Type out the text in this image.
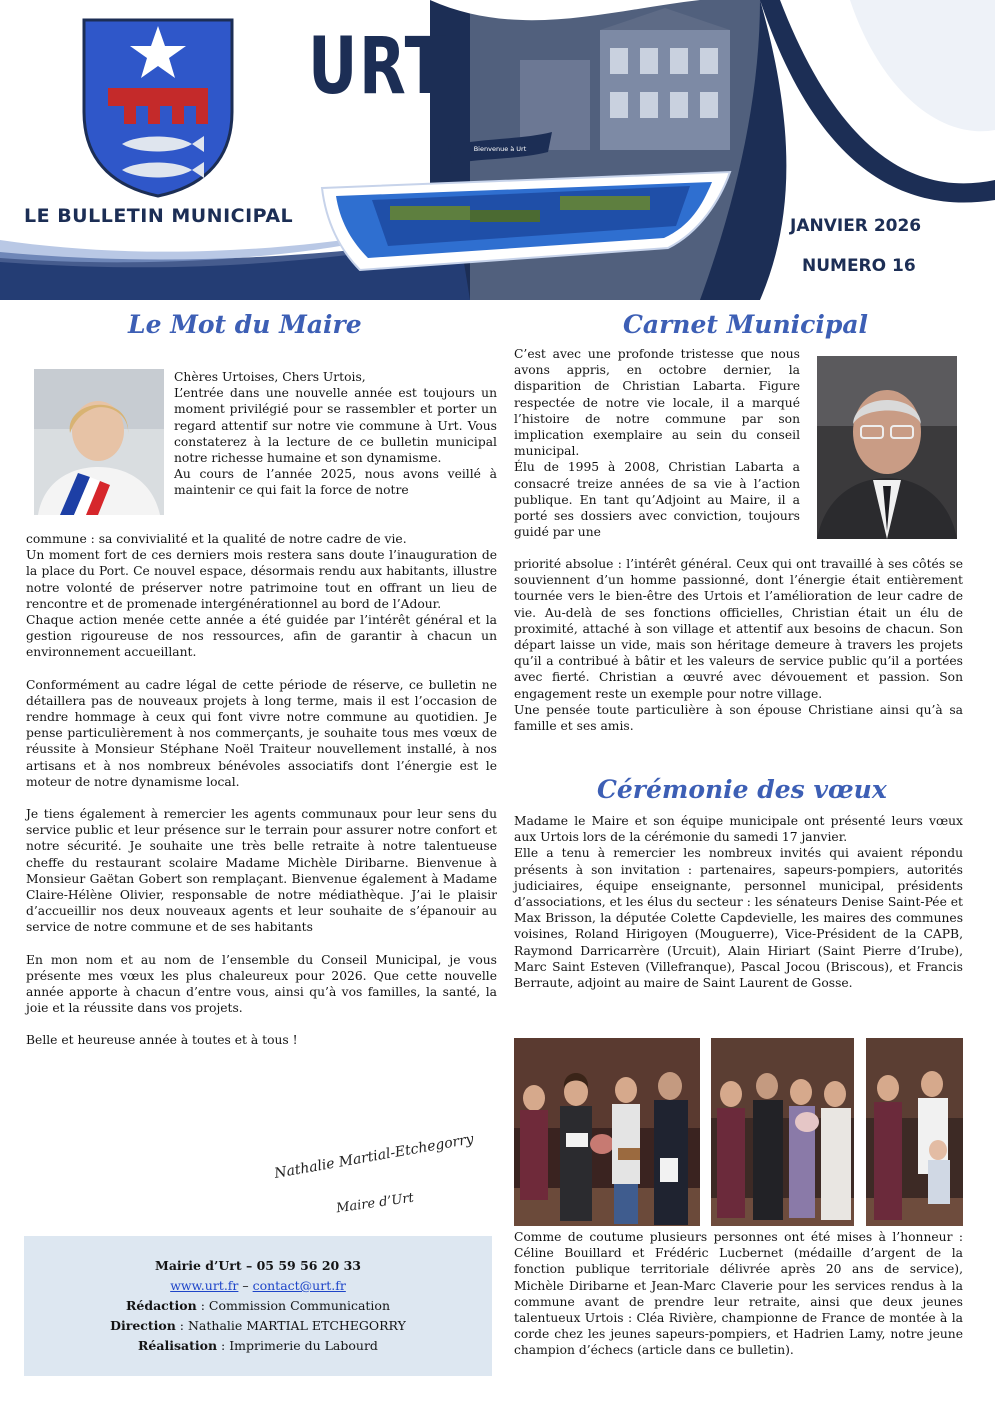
Bienvenue à Urt
URT
LE BULLETIN MUNICIPAL	JANVIER 2026
NUMERO 16
Le Mot du Maire

Chères Urtoises, Chers Urtois,

L’entrée dans une nouvelle année est toujours un moment privilégié pour se rassembler et porter un regard attentif sur notre vie commune à Urt. Vous constaterez à la lecture de ce bulletin municipal notre richesse humaine et son dynamisme.

Au cours de l’année 2025, nous avons veillé à maintenir ce qui fait la force de notre

commune : sa convivialité et la qualité de notre cadre de vie.

Un moment fort de ces derniers mois restera sans doute l’inauguration de la place du Port. Ce nouvel espace, désormais rendu aux habitants, illustre notre volonté de préserver notre patrimoine tout en offrant un lieu de rencontre et de promenade intergénérationnel au bord de l’Adour.

Chaque action menée cette année a été guidée par l’intérêt général et la gestion rigoureuse de nos ressources, afin de garantir à chacun un environnement accueillant.

Conformément au cadre légal de cette période de réserve, ce bulletin ne détaillera pas de nouveaux projets à long terme, mais il est l’occasion de rendre hommage à ceux qui font vivre notre commune au quotidien. Je pense particulièrement à nos commerçants, je souhaite tous mes vœux de réussite à Monsieur Stéphane Noël Traiteur nouvellement installé, à nos artisans et à nos nombreux bénévoles associatifs dont l’énergie est le moteur de notre dynamisme local.

Je tiens également à remercier les agents communaux pour leur sens du service public et leur présence sur le terrain pour assurer notre confort et notre sécurité. Je souhaite une très belle retraite à notre talentueuse cheffe du restaurant scolaire Madame Michèle Diribarne. Bienvenue à Monsieur Gaëtan Gobert son remplaçant. Bienvenue également à Madame Claire-Hélène Olivier, responsable de notre médiathèque. J’ai le plaisir d’accueillir nos deux nouveaux agents et leur souhaite de s’épanouir au service de notre commune et de ses habitants

En mon nom et au nom de l’ensemble du Conseil Municipal, je vous présente mes vœux les plus chaleureux pour 2026. Que cette nouvelle année apporte à chacun d’entre vous, ainsi qu’à vos familles, la santé, la joie et la réussite dans vos projets.

Belle et heureuse année à toutes et à tous !

Nathalie Martial-Etchegorry
Maire d’Urt
Mairie d’Urt – 05 59 56 20 33
www.urt.fr – contact@urt.fr
Rédaction : Commission Communication
Direction : Nathalie MARTIAL ETCHEGORRY
Réalisation : Imprimerie du Labourd
Carnet Municipal

C’est avec une profonde tristesse que nous avons appris, en octobre dernier, la disparition de Christian Labarta. Figure respectée de notre vie locale, il a marqué l’histoire de notre commune par son implication exemplaire au sein du conseil municipal.

Élu de 1995 à 2008, Christian Labarta a consacré treize années de sa vie à l’action publique. En tant qu’Adjoint au Maire, il a porté ses dossiers avec conviction, toujours guidé par une

priorité absolue : l’intérêt général. Ceux qui ont travaillé à ses côtés se souviennent d’un homme passionné, dont l’énergie était entièrement tournée vers le bien-être des Urtois et l’amélioration de leur cadre de vie. Au-delà de ses fonctions officielles, Christian était un élu de proximité, attaché à son village et attentif aux besoins de chacun. Son départ laisse un vide, mais son héritage demeure à travers les projets qu’il a contribué à bâtir et les valeurs de service public qu’il a portées avec fierté. Christian a œuvré avec dévouement et passion. Son engagement reste un exemple pour notre village.

Une pensée toute particulière à son épouse Christiane ainsi qu’à sa famille et ses amis.

Cérémonie des vœux

Madame le Maire et son équipe municipale ont présenté leurs vœux aux Urtois lors de la cérémonie du samedi 17 janvier.

Elle a tenu à remercier les nombreux invités qui avaient répondu présents à son invitation : partenaires, sapeurs-pompiers, autorités judiciaires, équipe enseignante, personnel municipal, présidents d’associations, et les élus du secteur : les sénateurs Denise Saint-Pée et Max Brisson, la députée Colette Capdevielle, les maires des communes voisines, Roland Hirigoyen (Mouguerre), Vice-Président de la CAPB, Raymond Darricarrère (Urcuit), Alain Hiriart (Saint Pierre d’Irube), Marc Saint Esteven (Villefranque), Pascal Jocou (Briscous), et Francis Berraute, adjoint au maire de Saint Laurent de Gosse.

Comme de coutume plusieurs personnes ont été mises à l’honneur : Céline Bouillard et Frédéric Lucbernet (médaille d’argent de la fonction publique territoriale délivrée après 20 ans de service), Michèle Diribarne et Jean-Marc Claverie pour les services rendus à la commune avant de prendre leur retraite, ainsi que deux jeunes talentueux Urtois : Cléa Rivière, championne de France de montée à la corde chez les jeunes sapeurs-pompiers, et Hadrien Lamy, notre jeune champion d’échecs (article dans ce bulletin).
